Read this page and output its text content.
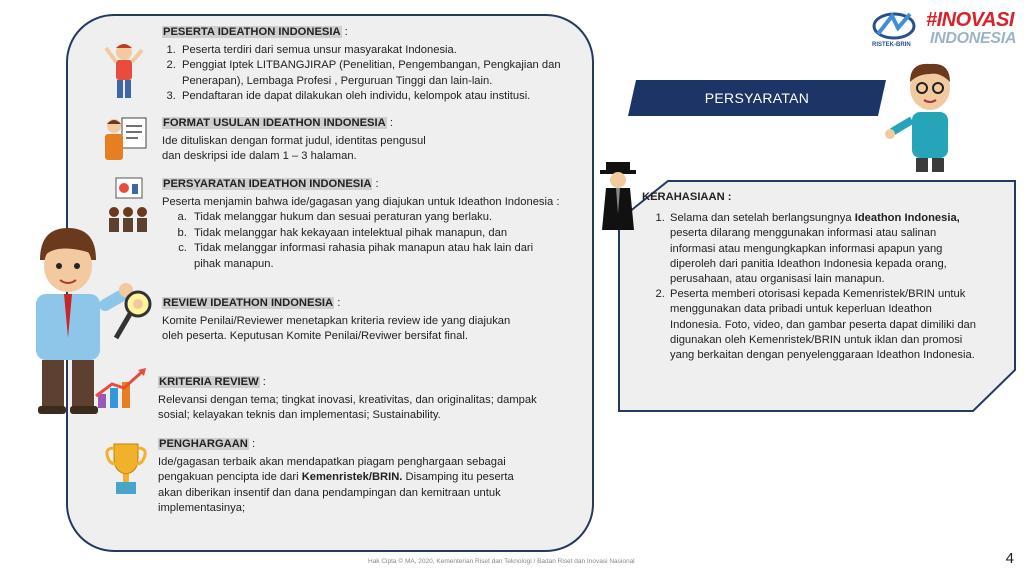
RISTEK-BRIN
#INOVASI
INDONESIA
PESERTA IDEATHON INDONESIA :
1. Peserta terdiri dari semua unsur masyarakat Indonesia.
2. Penggiat Iptek LITBANGJIRAP (Penelitian, Pengembangan, Pengkajian dan Penerapan), Lembaga Profesi , Perguruan Tinggi dan lain-lain.
3. Pendaftaran ide dapat dilakukan oleh individu, kelompok atau institusi.
FORMAT USULAN IDEATHON INDONESIA :

Ide dituliskan dengan format judul, identitas pengusul

dan deskripsi ide dalam 1 – 3 halaman.

PERSYARATAN IDEATHON INDONESIA :

Peserta menjamin bahwa ide/gagasan yang diajukan untuk Ideathon Indonesia :

a. Tidak melanggar hukum dan sesuai peraturan yang berlaku.
b. Tidak melanggar hak kekayaan intelektual pihak manapun, dan
c. Tidak melanggar informasi rahasia pihak manapun atau hak lain dari pihak manapun.
REVIEW IDEATHON INDONESIA :

Komite Penilai/Reviewer menetapkan kriteria review ide yang diajukan oleh peserta. Keputusan Komite Penilai/Reviwer bersifat final.

KRITERIA REVIEW :

Relevansi dengan tema; tingkat inovasi, kreativitas, dan originalitas; dampak sosial; kelayakan teknis dan implementasi; Sustainability.

PENGHARGAAN :

Ide/gagasan terbaik akan mendapatkan piagam penghargaan sebagai pengakuan pencipta ide dari Kemenristek/BRIN. Disamping itu peserta akan diberikan insentif dan dana pendampingan dan kemitraan untuk implementasinya;

PERSYARATAN
KERAHASIAAN :
1. Selama dan setelah berlangsungnya Ideathon Indonesia, peserta dilarang menggunakan informasi atau salinan informasi atau mengungkapkan informasi apapun yang diperoleh dari panitia Ideathon Indonesia kepada orang, perusahaan, atau organisasi lain manapun.
2. Peserta memberi otorisasi kepada Kemenristek/BRIN untuk menggunakan data pribadi untuk keperluan Ideathon Indonesia. Foto, video, dan gambar peserta dapat dimiliki dan digunakan oleh Kemenristek/BRIN untuk iklan dan promosi yang berkaitan dengan penyelenggaraan Ideathon Indonesia.
Hak Cipta © MA, 2020, Kementerian Riset dan Teknologi / Badan Riset dan Inovasi Nasional	4
